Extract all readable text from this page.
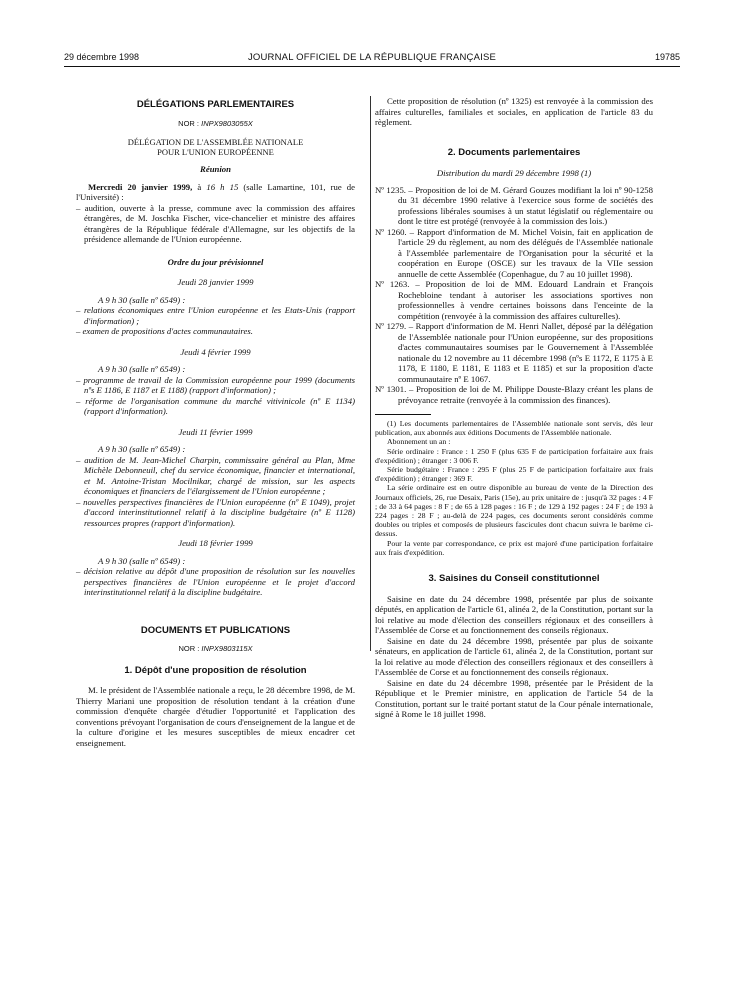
29 décembre 1998	JOURNAL OFFICIEL DE LA RÉPUBLIQUE FRANÇAISE	19785

DÉLÉGATIONS PARLEMENTAIRES

NOR : INPX9803055X

DÉLÉGATION DE L'ASSEMBLÉE NATIONALE

POUR L'UNION EUROPÉENNE

Réunion

Mercredi 20 janvier 1999, à 16 h 15 (salle Lamartine, 101, rue de l'Université) :

– audition, ouverte à la presse, commune avec la commission des affaires étrangères, de M. Joschka Fischer, vice-chancelier et ministre des affaires étrangères de la République fédérale d'Allemagne, sur les objectifs de la présidence allemande de l'Union européenne.

Ordre du jour prévisionnel

Jeudi 28 janvier 1999

A 9 h 30 (salle nº 6549) :

– relations économiques entre l'Union européenne et les Etats-Unis (rapport d'information) ;

– examen de propositions d'actes communautaires.

Jeudi 4 février 1999

A 9 h 30 (salle nº 6549) :

– programme de travail de la Commission européenne pour 1999 (documents nºs E 1186, E 1187 et E 1188) (rapport d'information) ;

– réforme de l'organisation commune du marché vitivinicole (nº E 1134) (rapport d'information).

Jeudi 11 février 1999

A 9 h 30 (salle nº 6549) :

– audition de M. Jean-Michel Charpin, commissaire général au Plan, Mme Michèle Debonneuil, chef du service économique, financier et international, et M. Antoine-Tristan Mocilnikar, chargé de mission, sur les aspects économiques et financiers de l'élargissement de l'Union européenne ;

– nouvelles perspectives financières de l'Union européenne (nº E 1049), projet d'accord interinstitutionnel relatif à la discipline budgétaire (nº E 1128) ressources propres (rapport d'information).

Jeudi 18 février 1999

A 9 h 30 (salle nº 6549) :

– décision relative au dépôt d'une proposition de résolution sur les nouvelles perspectives financières de l'Union européenne et le projet d'accord interinstitutionnel relatif à la discipline budgétaire.

DOCUMENTS ET PUBLICATIONS

NOR : INPX9803115X

1. Dépôt d'une proposition de résolution

M. le président de l'Assemblée nationale a reçu, le 28 décembre 1998, de M. Thierry Mariani une proposition de résolution tendant à la création d'une commission d'enquête chargée d'étudier l'opportunité et l'application des conventions prévoyant l'organisation de cours d'enseignement de la langue et de la culture d'origine et les mesures susceptibles de mieux encadrer cet enseignement.

Cette proposition de résolution (nº 1325) est renvoyée à la commission des affaires culturelles, familiales et sociales, en application de l'article 83 du règlement.

2. Documents parlementaires

Distribution du mardi 29 décembre 1998 (1)

Nº 1235. – Proposition de loi de M. Gérard Gouzes modifiant la loi nº 90-1258 du 31 décembre 1990 relative à l'exercice sous forme de sociétés des professions libérales soumises à un statut législatif ou réglementaire ou dont le titre est protégé (renvoyée à la commission des lois.)

Nº 1260. – Rapport d'information de M. Michel Voisin, fait en application de l'article 29 du règlement, au nom des délégués de l'Assemblée nationale à l'Assemblée parlementaire de l'Organisation pour la sécurité et la coopération en Europe (OSCE) sur les travaux de la VIIe session annuelle de cette Assemblée (Copenhague, du 7 au 10 juillet 1998).

Nº 1263. – Proposition de loi de MM. Edouard Landrain et François Rochebloine tendant à autoriser les associations sportives non professionnelles à vendre certaines boissons dans l'enceinte de la compétition (renvoyée à la commission des affaires culturelles).

Nº 1279. – Rapport d'information de M. Henri Nallet, déposé par la délégation de l'Assemblée nationale pour l'Union européenne, sur des propositions d'actes communautaires soumises par le Gouvernement à l'Assemblée nationale du 12 novembre au 11 décembre 1998 (nºs E 1172, E 1175 à E 1178, E 1180, E 1181, E 1183 et E 1185) et sur la proposition d'acte communautaire nº E 1067.

Nº 1301. – Proposition de loi de M. Philippe Douste-Blazy créant les plans de prévoyance retraite (renvoyée à la commission des finances).

(1) Les documents parlementaires de l'Assemblée nationale sont servis, dès leur publication, aux abonnés aux éditions Documents de l'Assemblée nationale.

Abonnement un an :

Série ordinaire : France : 1 250 F (plus 635 F de participation forfaitaire aux frais d'expédition) ; étranger : 3 006 F.

Série budgétaire : France : 295 F (plus 25 F de participation forfaitaire aux frais d'expédition) ; étranger : 369 F.

La série ordinaire est en outre disponible au bureau de vente de la Direction des Journaux officiels, 26, rue Desaix, Paris (15e), au prix unitaire de : jusqu'à 32 pages : 4 F ; de 33 à 64 pages : 8 F ; de 65 à 128 pages : 16 F ; de 129 à 192 pages : 24 F ; de 193 à 224 pages : 28 F ; au-delà de 224 pages, ces documents seront considérés comme doubles ou triples et composés de plusieurs fascicules dont chacun suivra le barème ci-dessus.

Pour la vente par correspondance, ce prix est majoré d'une participation forfaitaire aux frais d'expédition.

3. Saisines du Conseil constitutionnel

Saisine en date du 24 décembre 1998, présentée par plus de soixante députés, en application de l'article 61, alinéa 2, de la Constitution, portant sur la loi relative au mode d'élection des conseillers régionaux et des conseillers à l'Assemblée de Corse et au fonctionnement des conseils régionaux.

Saisine en date du 24 décembre 1998, présentée par plus de soixante sénateurs, en application de l'article 61, alinéa 2, de la Constitution, portant sur la loi relative au mode d'élection des conseillers régionaux et des conseillers à l'Assemblée de Corse et au fonctionnement des conseils régionaux.

Saisine en date du 24 décembre 1998, présentée par le Président de la République et le Premier ministre, en application de l'article 54 de la Constitution, portant sur le traité portant statut de la Cour pénale internationale, signé à Rome le 18 juillet 1998.
